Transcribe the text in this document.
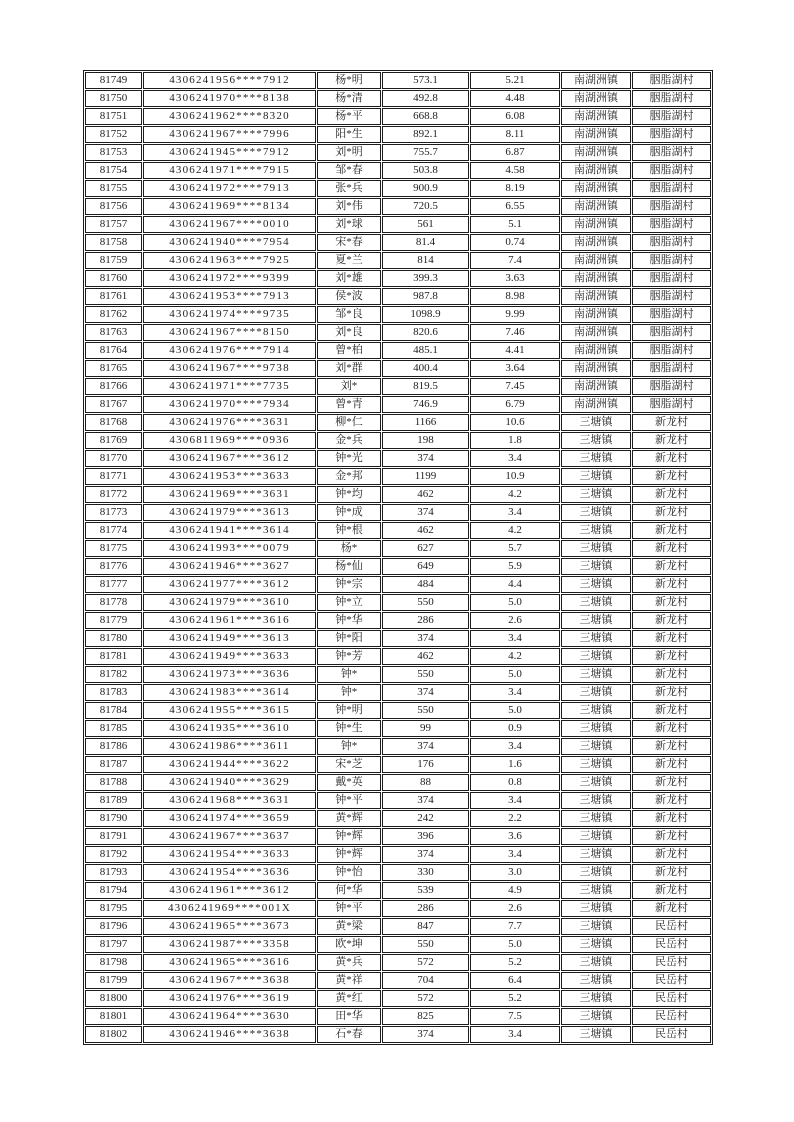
81749	4306241956****7912	杨*明	573.1	5.21	南湖洲镇	胭脂湖村
81750	4306241970****8138	杨*清	492.8	4.48	南湖洲镇	胭脂湖村
81751	4306241962****8320	杨*平	668.8	6.08	南湖洲镇	胭脂湖村
81752	4306241967****7996	阳*生	892.1	8.11	南湖洲镇	胭脂湖村
81753	4306241945****7912	刘*明	755.7	6.87	南湖洲镇	胭脂湖村
81754	4306241971****7915	邹*春	503.8	4.58	南湖洲镇	胭脂湖村
81755	4306241972****7913	张*兵	900.9	8.19	南湖洲镇	胭脂湖村
81756	4306241969****8134	刘*伟	720.5	6.55	南湖洲镇	胭脂湖村
81757	4306241967****0010	刘*球	561	5.1	南湖洲镇	胭脂湖村
81758	4306241940****7954	宋*春	81.4	0.74	南湖洲镇	胭脂湖村
81759	4306241963****7925	夏*兰	814	7.4	南湖洲镇	胭脂湖村
81760	4306241972****9399	刘*雄	399.3	3.63	南湖洲镇	胭脂湖村
81761	4306241953****7913	侯*波	987.8	8.98	南湖洲镇	胭脂湖村
81762	4306241974****9735	邹*良	1098.9	9.99	南湖洲镇	胭脂湖村
81763	4306241967****8150	刘*良	820.6	7.46	南湖洲镇	胭脂湖村
81764	4306241976****7914	曾*柏	485.1	4.41	南湖洲镇	胭脂湖村
81765	4306241967****9738	刘*群	400.4	3.64	南湖洲镇	胭脂湖村
81766	4306241971****7735	刘*	819.5	7.45	南湖洲镇	胭脂湖村
81767	4306241970****7934	曾*青	746.9	6.79	南湖洲镇	胭脂湖村
81768	4306241976****3631	柳*仁	1166	10.6	三塘镇	新龙村
81769	4306811969****0936	金*兵	198	1.8	三塘镇	新龙村
81770	4306241967****3612	钟*光	374	3.4	三塘镇	新龙村
81771	4306241953****3633	金*邦	1199	10.9	三塘镇	新龙村
81772	4306241969****3631	钟*均	462	4.2	三塘镇	新龙村
81773	4306241979****3613	钟*成	374	3.4	三塘镇	新龙村
81774	4306241941****3614	钟*根	462	4.2	三塘镇	新龙村
81775	4306241993****0079	杨*	627	5.7	三塘镇	新龙村
81776	4306241946****3627	杨*仙	649	5.9	三塘镇	新龙村
81777	4306241977****3612	钟*宗	484	4.4	三塘镇	新龙村
81778	4306241979****3610	钟*立	550	5.0	三塘镇	新龙村
81779	4306241961****3616	钟*华	286	2.6	三塘镇	新龙村
81780	4306241949****3613	钟*阳	374	3.4	三塘镇	新龙村
81781	4306241949****3633	钟*芳	462	4.2	三塘镇	新龙村
81782	4306241973****3636	钟*	550	5.0	三塘镇	新龙村
81783	4306241983****3614	钟*	374	3.4	三塘镇	新龙村
81784	4306241955****3615	钟*明	550	5.0	三塘镇	新龙村
81785	4306241935****3610	钟*生	99	0.9	三塘镇	新龙村
81786	4306241986****3611	钟*	374	3.4	三塘镇	新龙村
81787	4306241944****3622	宋*芝	176	1.6	三塘镇	新龙村
81788	4306241940****3629	戴*英	88	0.8	三塘镇	新龙村
81789	4306241968****3631	钟*平	374	3.4	三塘镇	新龙村
81790	4306241974****3659	黄*辉	242	2.2	三塘镇	新龙村
81791	4306241967****3637	钟*辉	396	3.6	三塘镇	新龙村
81792	4306241954****3633	钟*辉	374	3.4	三塘镇	新龙村
81793	4306241954****3636	钟*怡	330	3.0	三塘镇	新龙村
81794	4306241961****3612	何*华	539	4.9	三塘镇	新龙村
81795	4306241969****001X	钟*平	286	2.6	三塘镇	新龙村
81796	4306241965****3673	黄*梁	847	7.7	三塘镇	民岳村
81797	4306241987****3358	欧*坤	550	5.0	三塘镇	民岳村
81798	4306241965****3616	黄*兵	572	5.2	三塘镇	民岳村
81799	4306241967****3638	黄*祥	704	6.4	三塘镇	民岳村
81800	4306241976****3619	黄*红	572	5.2	三塘镇	民岳村
81801	4306241964****3630	田*华	825	7.5	三塘镇	民岳村
81802	4306241946****3638	石*春	374	3.4	三塘镇	民岳村
